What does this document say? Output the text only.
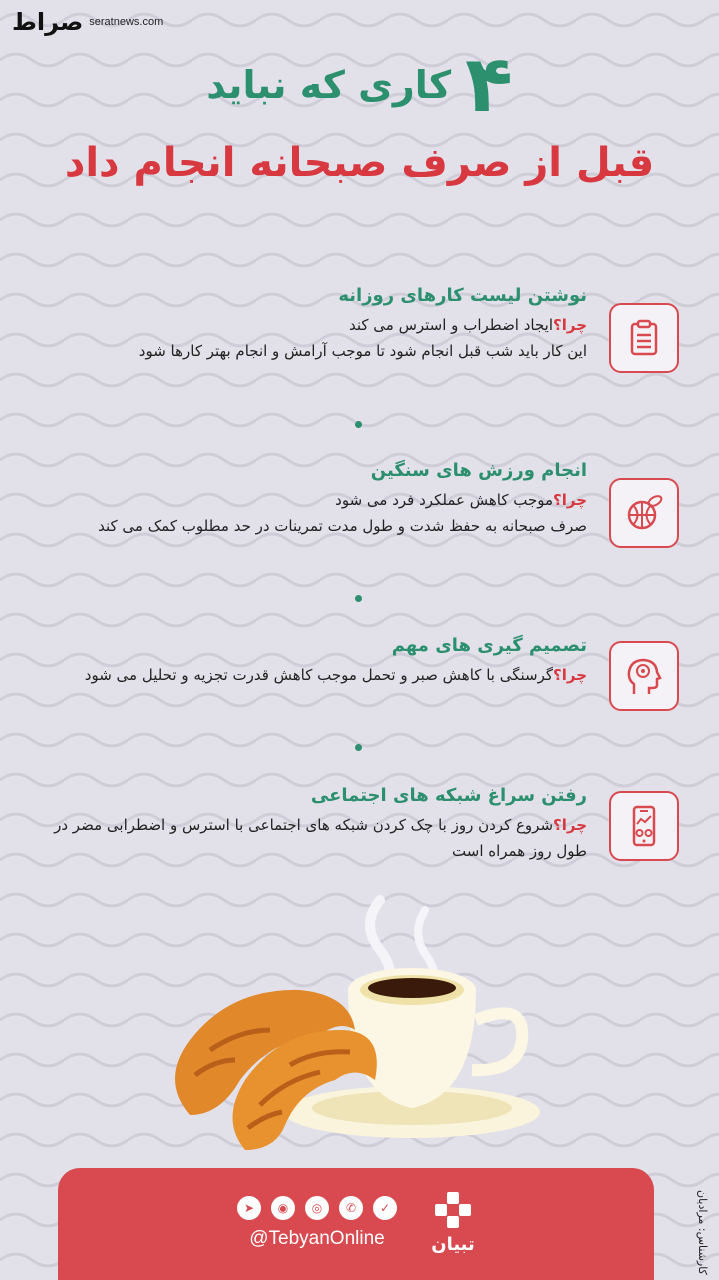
صراط seratnews.com
۴
کاری که نباید
قبل از صرف صبحانه انجام داد
نوشتن لیست کارهای روزانه
چرا؟ایجاد اضطراب و استرس می کند
این کار باید شب قبل انجام شود تا موجب آرامش و انجام بهتر کارها شود
انجام ورزش های سنگین
چرا؟موجب کاهش عملکرد فرد می شود
صرف صبحانه به حفظ شدت و طول مدت تمرینات در حد مطلوب کمک می کند
تصمیم گیری های مهم
چرا؟گرسنگی با کاهش صبر و تحمل موجب کاهش قدرت تجزیه و تحلیل می شود
رفتن سراغ شبکه های اجتماعی
چرا؟شروع کردن روز با چک کردن شبکه های اجتماعی با استرس و اضطرابی مضر در طول روز همراه است
➤	◉	◎	✆	✓
@TebyanOnline	تبیان	کارشناس: مرادیان
